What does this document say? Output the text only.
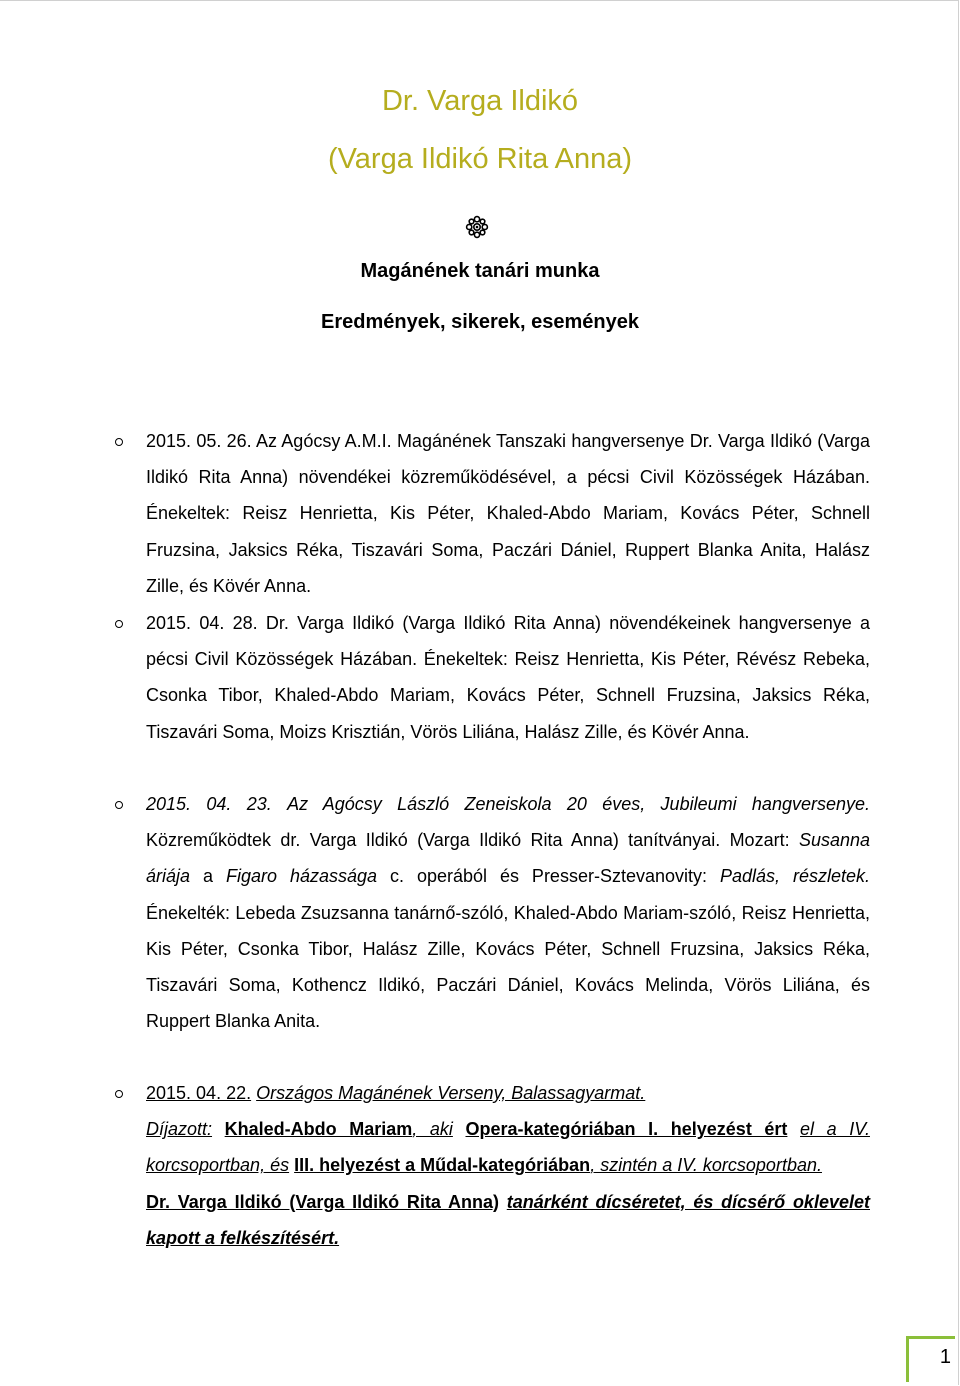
Dr. Varga Ildikó
(Varga Ildikó Rita Anna)
Magánének tanári munka
Eredmények, sikerek, események
2015. 05. 26. Az Agócsy A.M.I. Magánének Tanszaki hangversenye Dr. Varga Ildikó (Varga Ildikó Rita Anna) növendékei közreműködésével, a pécsi Civil Közösségek Házában. Énekeltek: Reisz Henrietta, Kis Péter, Khaled-Abdo Mariam, Kovács Péter, Schnell Fruzsina, Jaksics Réka, Tiszavári Soma, Paczári Dániel, Ruppert Blanka Anita, Halász Zille, és Kövér Anna.
2015. 04. 28. Dr. Varga Ildikó (Varga Ildikó Rita Anna) növendékeinek hangversenye a pécsi Civil Közösségek Házában. Énekeltek: Reisz Henrietta, Kis Péter, Révész Rebeka, Csonka Tibor, Khaled-Abdo Mariam, Kovács Péter, Schnell Fruzsina, Jaksics Réka, Tiszavári Soma, Moizs Krisztián, Vörös Liliána, Halász Zille, és Kövér Anna.
2015. 04. 23. Az Agócsy László Zeneiskola 20 éves, Jubileumi hangversenye. Közreműködtek dr. Varga Ildikó (Varga Ildikó Rita Anna) tanítványai. Mozart: Susanna áriája a Figaro házassága c. operából és Presser-Sztevanovity: Padlás, részletek. Énekelték: Lebeda Zsuzsanna tanárnő-szóló, Khaled-Abdo Mariam-szóló, Reisz Henrietta, Kis Péter, Csonka Tibor, Halász Zille, Kovács Péter, Schnell Fruzsina, Jaksics Réka, Tiszavári Soma, Kothencz Ildikó, Paczári Dániel, Kovács Melinda, Vörös Liliána, és Ruppert Blanka Anita.
2015. 04. 22. Országos Magánének Verseny, Balassagyarmat.
Díjazott: Khaled-Abdo Mariam, aki Opera-kategóriában I. helyezést ért el a IV. korcsoportban, és III. helyezést a Műdal-kategóriában, szintén a IV. korcsoportban.
Dr. Varga Ildikó (Varga Ildikó Rita Anna) tanárként dícséretet, és dícsérő oklevelet kapott a felkészítésért.
1
